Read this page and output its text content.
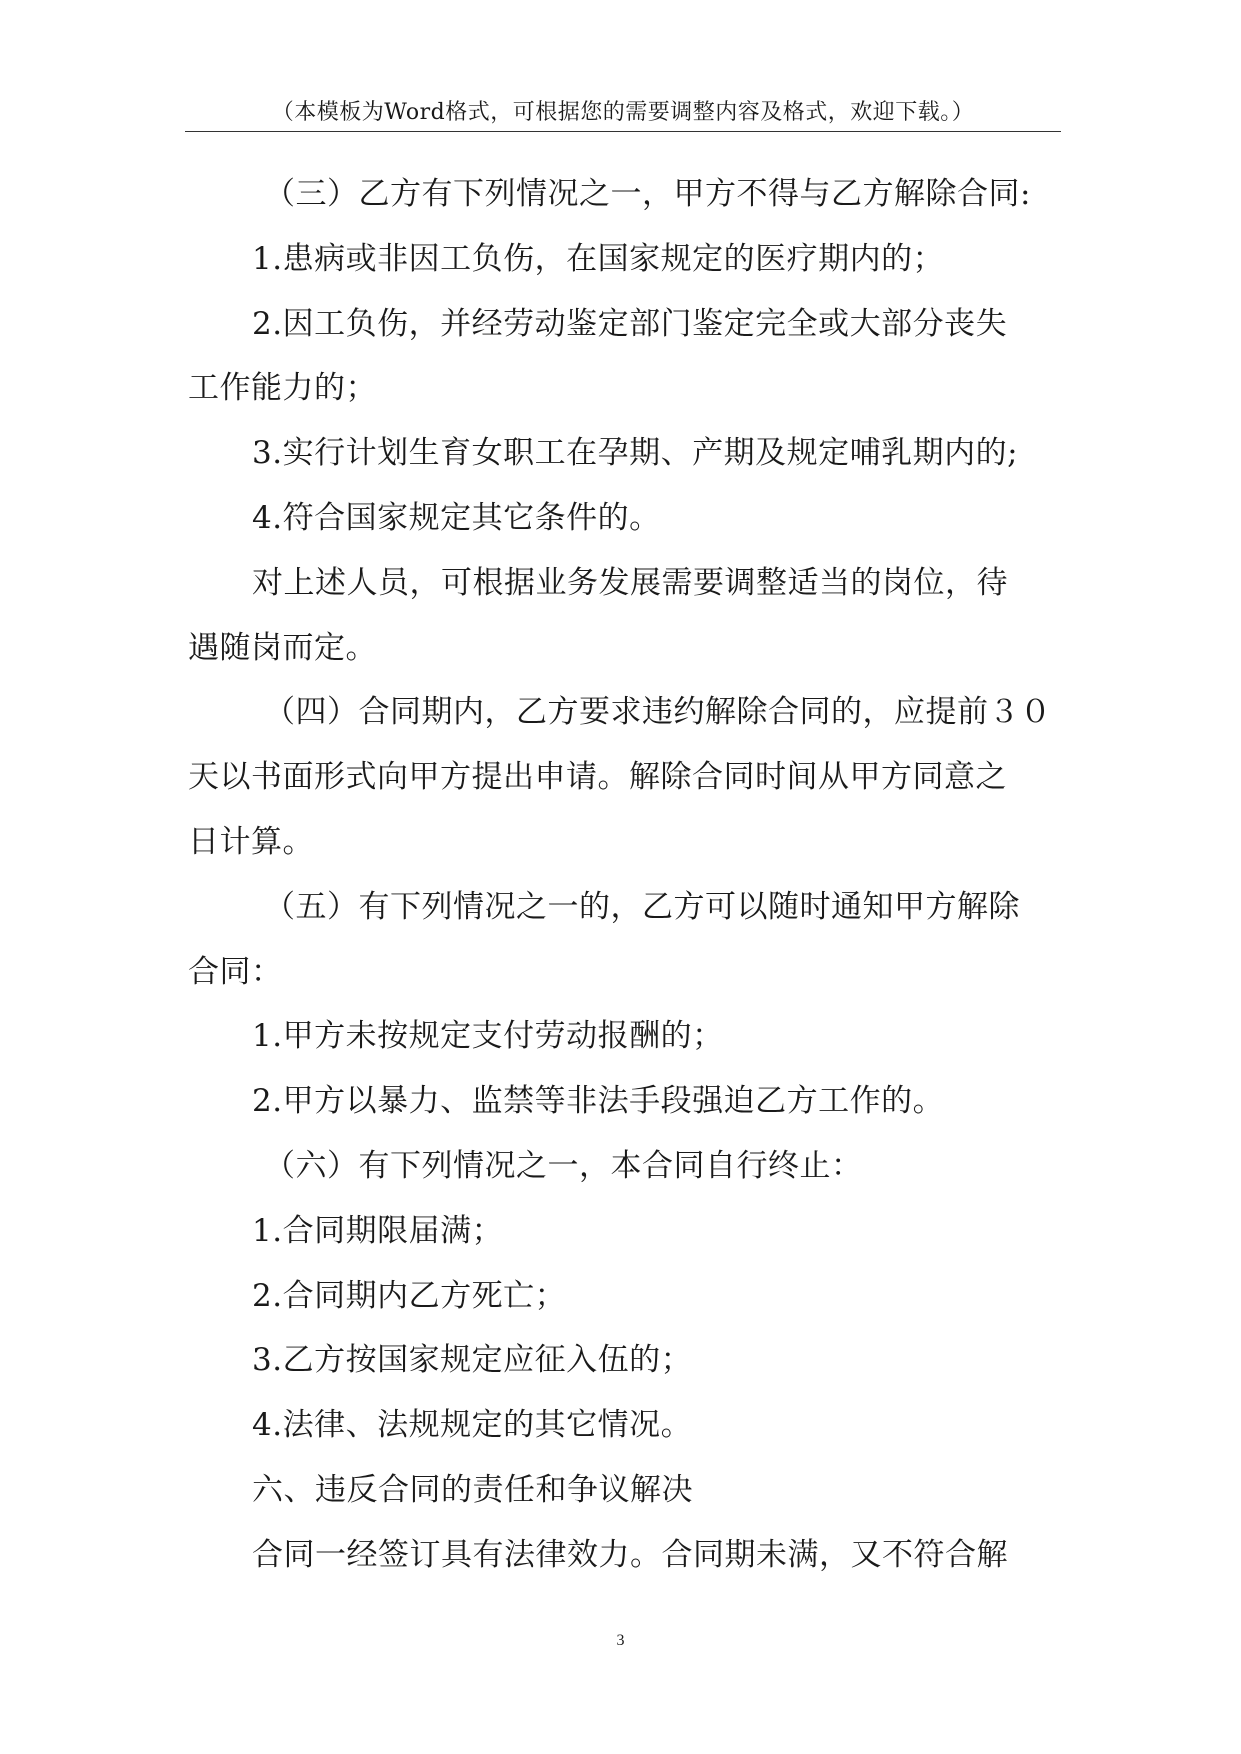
（本模板为Word格式，可根据您的需要调整内容及格式，欢迎下载。）
（三）乙方有下列情况之一，甲方不得与乙方解除合同:
1.患病或非因工负伤，在国家规定的医疗期内的；
2.因工负伤，并经劳动鉴定部门鉴定完全或大部分丧失
工作能力的；
3.实行计划生育女职工在孕期、产期及规定哺乳期内的;
4.符合国家规定其它条件的。
对上述人员，可根据业务发展需要调整适当的岗位，待
遇随岗而定。
（四）合同期内，乙方要求违约解除合同的，应提前３０
天以书面形式向甲方提出申请。解除合同时间从甲方同意之
日计算。
（五）有下列情况之一的，乙方可以随时通知甲方解除
合同：
1.甲方未按规定支付劳动报酬的；
2.甲方以暴力、监禁等非法手段强迫乙方工作的。
（六）有下列情况之一，本合同自行终止：
1.合同期限届满；
2.合同期内乙方死亡；
3.乙方按国家规定应征入伍的；
4.法律、法规规定的其它情况。
六、违反合同的责任和争议解决
合同一经签订具有法律效力。合同期未满，又不符合解
3
